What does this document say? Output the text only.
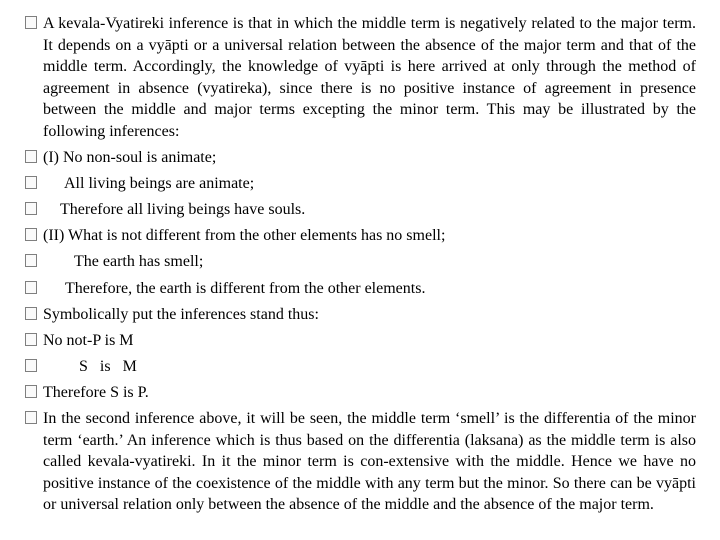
A kevala-Vyatireki inference is that in which the middle term is negatively related to the major term. It depends on a vyāpti or a universal relation between the absence of the major term and that of the middle term. Accordingly, the knowledge of vyāpti is here arrived at only through the method of agreement in absence (vyatireka), since there is no positive instance of agreement in presence between the middle and major terms excepting the minor term. This may be illustrated by the following inferences:
(I) No non-soul is animate;
All living beings are animate;
Therefore all living beings have souls.
(II) What is not different from the other elements has no smell;
The earth has smell;
Therefore, the earth is different from the other elements.
Symbolically put the inferences stand thus:
No not-P is M
S   is   M
Therefore S is P.
In the second inference above, it will be seen, the middle term ‘smell’ is the differentia of the minor term ‘earth.’ An inference which is thus based on the differentia (laksana) as the middle term is also called kevala-vyatireki. In it the minor term is con-extensive with the middle. Hence we have no positive instance of the coexistence of the middle with any term but the minor. So there can be vyāpti or universal relation only between the absence of the middle and the absence of the major term.
